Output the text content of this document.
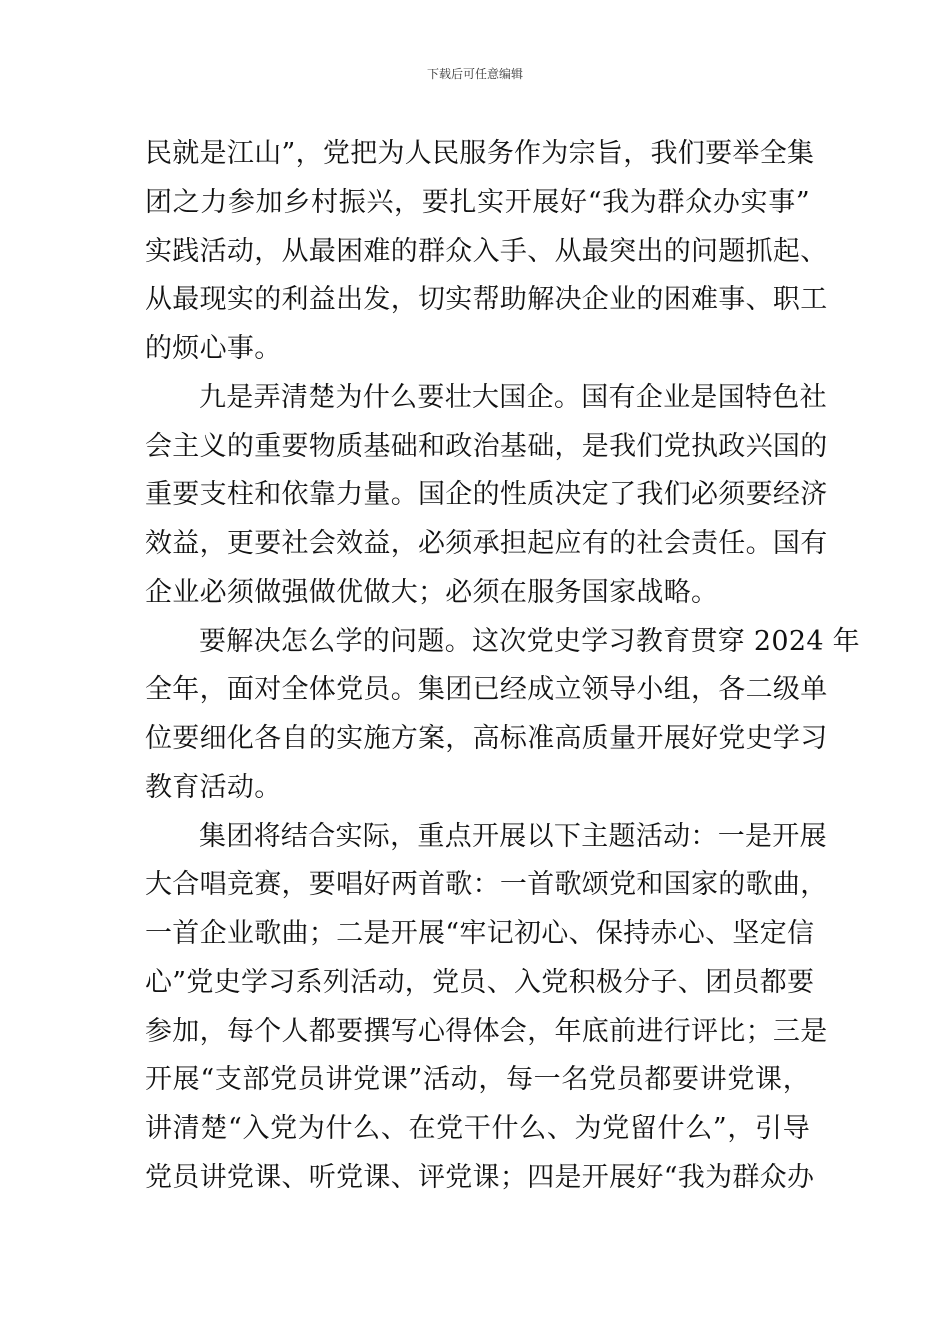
下载后可任意编辑
民就是江山”，党把为人民服务作为宗旨，我们要举全集
团之力参加乡村振兴，要扎实开展好“我为群众办实事”
实践活动，从最困难的群众入手、从最突出的问题抓起、
从最现实的利益出发，切实帮助解决企业的困难事、职工
的烦心事。
九是弄清楚为什么要壮大国企。国有企业是国特色社
会主义的重要物质基础和政治基础，是我们党执政兴国的
重要支柱和依靠力量。国企的性质决定了我们必须要经济
效益，更要社会效益，必须承担起应有的社会责任。国有
企业必须做强做优做大；必须在服务国家战略。
要解决怎么学的问题。这次党史学习教育贯穿 2024 年
全年，面对全体党员。集团已经成立领导小组，各二级单
位要细化各自的实施方案，高标准高质量开展好党史学习
教育活动。
集团将结合实际，重点开展以下主题活动：一是开展
大合唱竞赛，要唱好两首歌：一首歌颂党和国家的歌曲，
一首企业歌曲；二是开展“牢记初心、保持赤心、坚定信
心”党史学习系列活动，党员、入党积极分子、团员都要
参加，每个人都要撰写心得体会，年底前进行评比；三是
开展“支部党员讲党课”活动，每一名党员都要讲党课，
讲清楚“入党为什么、在党干什么、为党留什么”，引导
党员讲党课、听党课、评党课；四是开展好“我为群众办
